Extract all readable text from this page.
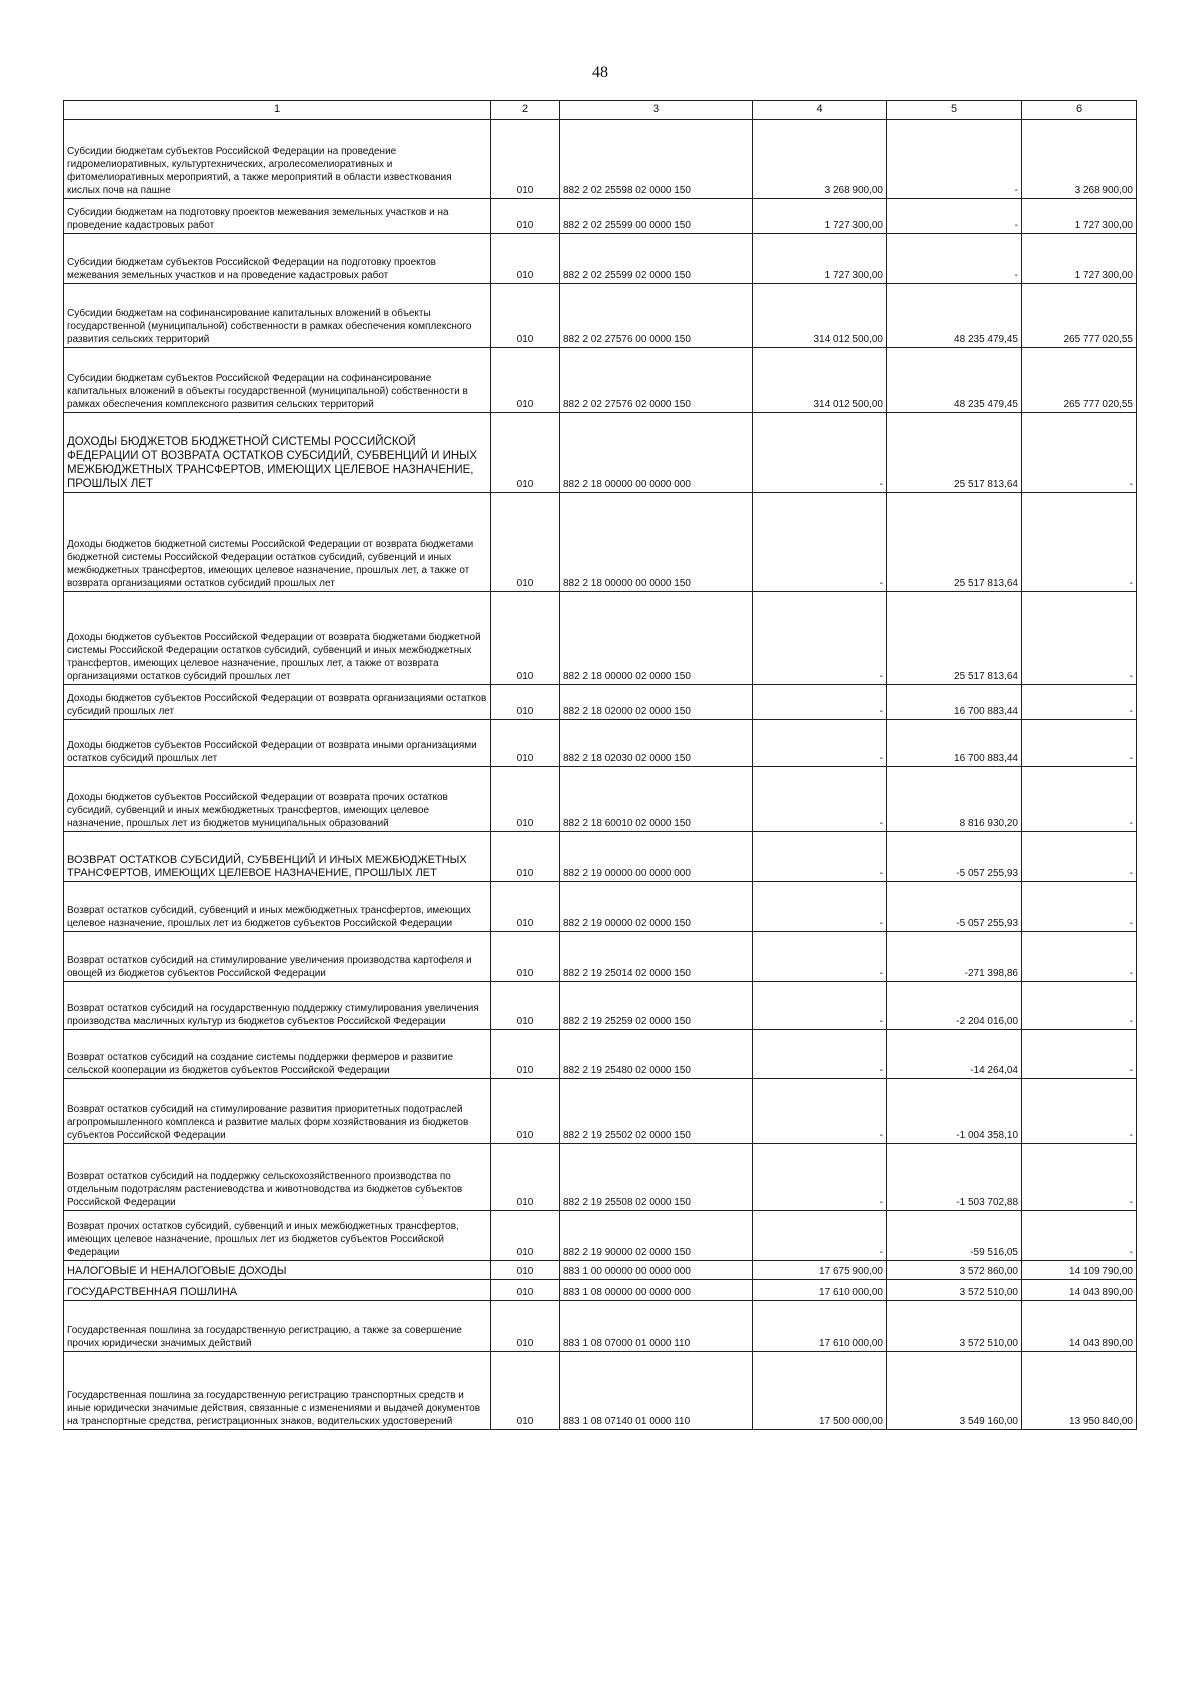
48
1	2	3	4	5	6
Субсидии бюджетам субъектов Российской Федерации на проведение гидромелиоративных, культуртехнических, агролесомелиоративных и фитомелиоративных мероприятий, а также мероприятий в области известкования кислых почв на пашне	010	882 2 02 25598 02 0000 150	3 268 900,00	-	3 268 900,00
Субсидии бюджетам на подготовку проектов межевания земельных участков и на проведение кадастровых работ	010	882 2 02 25599 00 0000 150	1 727 300,00	-	1 727 300,00
Субсидии бюджетам субъектов Российской Федерации на подготовку проектов межевания земельных участков и на проведение кадастровых работ	010	882 2 02 25599 02 0000 150	1 727 300,00	-	1 727 300,00
Субсидии бюджетам на софинансирование капитальных вложений в объекты государственной (муниципальной) собственности в рамках обеспечения комплексного развития сельских территорий	010	882 2 02 27576 00 0000 150	314 012 500,00	48 235 479,45	265 777 020,55
Субсидии бюджетам субъектов Российской Федерации на софинансирование капитальных вложений в объекты государственной (муниципальной) собственности в рамках обеспечения комплексного развития сельских территорий	010	882 2 02 27576 02 0000 150	314 012 500,00	48 235 479,45	265 777 020,55
ДОХОДЫ БЮДЖЕТОВ БЮДЖЕТНОЙ СИСТЕМЫ РОССИЙСКОЙ ФЕДЕРАЦИИ ОТ ВОЗВРАТА ОСТАТКОВ СУБСИДИЙ, СУБВЕНЦИЙ И ИНЫХ МЕЖБЮДЖЕТНЫХ ТРАНСФЕРТОВ, ИМЕЮЩИХ ЦЕЛЕВОЕ НАЗНАЧЕНИЕ, ПРОШЛЫХ ЛЕТ	010	882 2 18 00000 00 0000 000	-	25 517 813,64	-
Доходы бюджетов бюджетной системы Российской Федерации от возврата бюджетами бюджетной системы Российской Федерации остатков субсидий, субвенций и иных межбюджетных трансфертов, имеющих целевое назначение, прошлых лет, а также от возврата организациями остатков субсидий прошлых лет	010	882 2 18 00000 00 0000 150	-	25 517 813,64	-
Доходы бюджетов субъектов Российской Федерации от возврата бюджетами бюджетной системы Российской Федерации остатков субсидий, субвенций и иных межбюджетных трансфертов, имеющих целевое назначение, прошлых лет, а также от возврата организациями остатков субсидий прошлых лет	010	882 2 18 00000 02 0000 150	-	25 517 813,64	-
Доходы бюджетов субъектов Российской Федерации от возврата организациями остатков субсидий прошлых лет	010	882 2 18 02000 02 0000 150	-	16 700 883,44	-
Доходы бюджетов субъектов Российской Федерации от возврата иными организациями остатков субсидий прошлых лет	010	882 2 18 02030 02 0000 150	-	16 700 883,44	-
Доходы бюджетов субъектов Российской Федерации от возврата прочих остатков субсидий, субвенций и иных межбюджетных трансфертов, имеющих целевое назначение, прошлых лет из бюджетов муниципальных образований	010	882 2 18 60010 02 0000 150	-	8 816 930,20	-
ВОЗВРАТ ОСТАТКОВ СУБСИДИЙ, СУБВЕНЦИЙ И ИНЫХ МЕЖБЮДЖЕТНЫХ ТРАНСФЕРТОВ, ИМЕЮЩИХ ЦЕЛЕВОЕ НАЗНАЧЕНИЕ, ПРОШЛЫХ ЛЕТ	010	882 2 19 00000 00 0000 000	-	-5 057 255,93	-
Возврат остатков субсидий, субвенций и иных межбюджетных трансфертов, имеющих целевое назначение, прошлых лет из бюджетов субъектов Российской Федерации	010	882 2 19 00000 02 0000 150	-	-5 057 255,93	-
Возврат остатков субсидий на стимулирование увеличения производства картофеля и овощей из бюджетов субъектов Российской Федерации	010	882 2 19 25014 02 0000 150	-	-271 398,86	-
Возврат остатков субсидий на государственную поддержку стимулирования увеличения производства масличных культур из бюджетов субъектов Российской Федерации	010	882 2 19 25259 02 0000 150	-	-2 204 016,00	-
Возврат остатков субсидий на создание системы поддержки фермеров и развитие сельской кооперации из бюджетов субъектов Российской Федерации	010	882 2 19 25480 02 0000 150	-	-14 264,04	-
Возврат остатков субсидий на стимулирование развития приоритетных подотраслей агропромышленного комплекса и развитие малых форм хозяйствования из бюджетов субъектов Российской Федерации	010	882 2 19 25502 02 0000 150	-	-1 004 358,10	-
Возврат остатков субсидий на поддержку сельскохозяйственного производства по отдельным подотраслям растениеводства и животноводства из бюджетов субъектов Российской Федерации	010	882 2 19 25508 02 0000 150	-	-1 503 702,88	-
Возврат прочих остатков субсидий, субвенций и иных межбюджетных трансфертов, имеющих целевое назначение, прошлых лет из бюджетов субъектов Российской Федерации	010	882 2 19 90000 02 0000 150	-	-59 516,05	-
НАЛОГОВЫЕ И НЕНАЛОГОВЫЕ ДОХОДЫ	010	883 1 00 00000 00 0000 000	17 675 900,00	3 572 860,00	14 109 790,00
ГОСУДАРСТВЕННАЯ ПОШЛИНА	010	883 1 08 00000 00 0000 000	17 610 000,00	3 572 510,00	14 043 890,00
Государственная пошлина за государственную регистрацию, а также за совершение прочих юридически значимых действий	010	883 1 08 07000 01 0000 110	17 610 000,00	3 572 510,00	14 043 890,00
Государственная пошлина за государственную регистрацию транспортных средств и иные юридически значимые действия, связанные с изменениями и выдачей документов на транспортные средства, регистрационных знаков, водительских удостоверений	010	883 1 08 07140 01 0000 110	17 500 000,00	3 549 160,00	13 950 840,00
